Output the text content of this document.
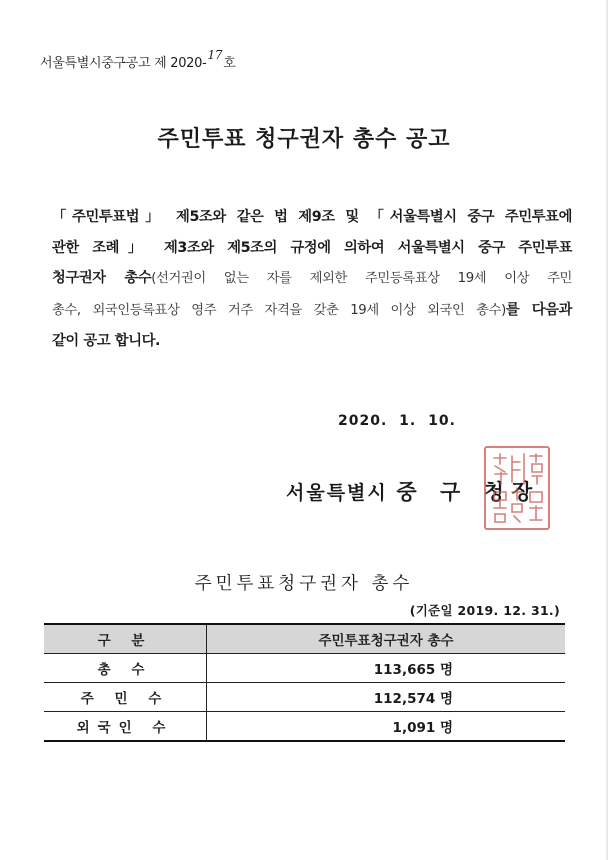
서울특별시중구공고 제 2020-17호
주민투표 청구권자 총수 공고
「주민투표법」 제5조와 같은 법 제9조 및 「서울특별시 중구 주민투표에
관한 조례」 제3조와 제5조의 규정에 의하여 서울특별시 중구 주민투표
청구권자 총수(선거권이 없는 자를 제외한 주민등록표상 19세 이상 주민
총수, 외국인등록표상 영주 거주 자격을 갖춘 19세 이상 외국인 총수)를 다음과
같이 공고 합니다.
2020. 1. 10.
서울특별시 중 구 청장
주민투표청구권자 총수
(기준일 2019. 12. 31.)
구 분	주민투표청구권자 총수
총 수	113,665 명
주 민 수	112,574 명
외국인 수	1,091 명
